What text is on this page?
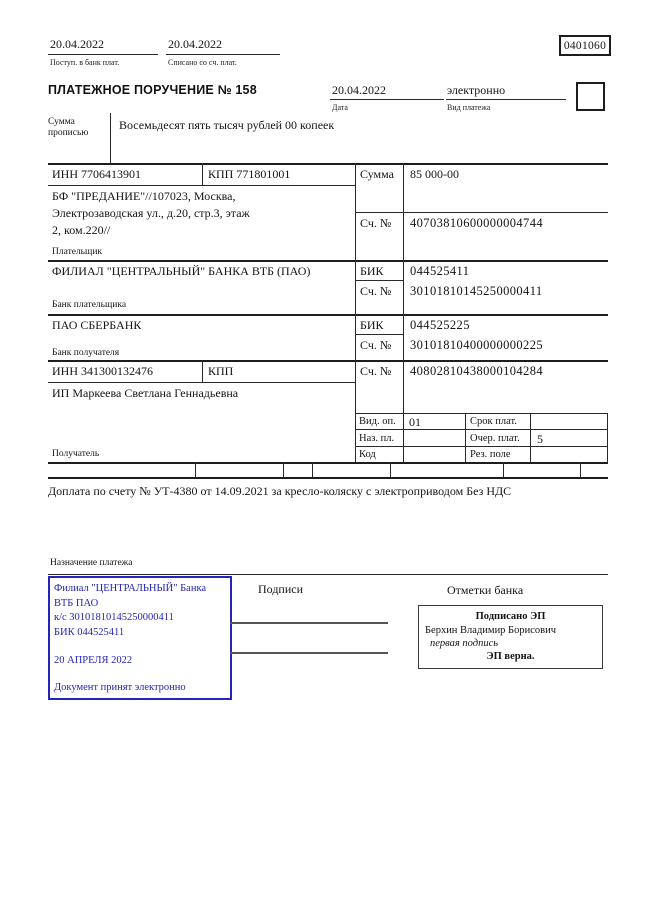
20.04.2022
Поступ. в банк плат.
20.04.2022
Списано со сч. плат.
0401060
ПЛАТЕЖНОЕ ПОРУЧЕНИЕ № 158	20.04.2022
Дата
электронно
Вид платежа
Сумма прописью
Восемьдесят пять тысяч рублей 00 копеек
ИНН 7706413901	КПП 771801001	Сумма 85 000-00
БФ "ПРЕДАНИЕ"//107023, Москва,
Электрозаводская ул., д.20, стр.3, этаж
2, ком.220//
Плательщик
Сч. № 40703810600000004744
ФИЛИАЛ "ЦЕНТРАЛЬНЫЙ" БАНКА ВТБ (ПАО)	БИК 044525411
Сч. № 30101810145250000411
Банк плательщика
ПАО СБЕРБАНК	БИК 044525225
Сч. № 30101810400000000225
Банк получателя
ИНН 341300132476	КПП	Сч. № 40802810438000104284
ИП Маркеева Светлана Геннадьевна
Получатель
Вид. оп. 01	Срок плат.
Наз. пл.	Очер. плат. 5
Код	Рез. поле
Доплата по счету № УТ-4380 от 14.09.2021 за кресло-коляску с электроприводом Без НДС
Назначение платежа
Филиал "ЦЕНТРАЛЬНЫЙ" Банка
ВТБ ПАО
к/с 30101810145250000411
БИК 044525411
20 АПРЕЛЯ 2022
Документ принят электронно
Подписи	Отметки банка
Подписано ЭП
Берхин Владимир Борисович
первая подпись
ЭП верна.
